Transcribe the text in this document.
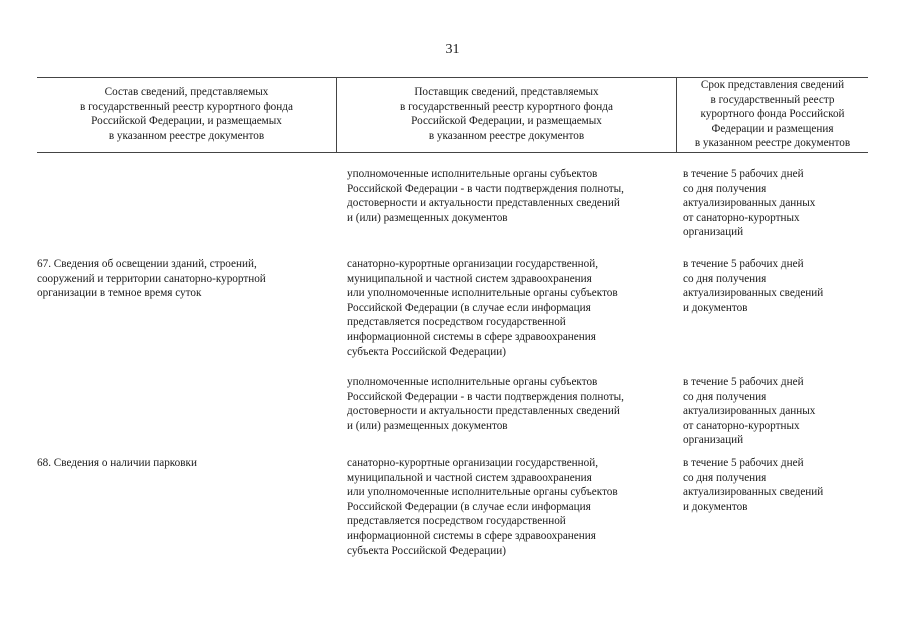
31

Состав сведений, представляемых
в государственный реестр курортного фонда
Российской Федерации, и размещаемых
в указанном реестре документов

Поставщик сведений, представляемых
в государственный реестр курортного фонда
Российской Федерации, и размещаемых
в указанном реестре документов

Срок представления сведений
в государственный реестр
курортного фонда Российской
Федерации и размещения
в указанном реестре документов

уполномоченные исполнительные органы субъектов
Российской Федерации - в части подтверждения полноты,
достоверности и актуальности представленных сведений
и (или) размещенных документов

в течение 5 рабочих дней
со дня получения
актуализированных данных
от санаторно-курортных
организаций

67. Сведения об освещении зданий, строений,
сооружений и территории санаторно-курортной
организации в темное время суток

санаторно-курортные организации государственной,
муниципальной и частной систем здравоохранения
или уполномоченные исполнительные органы субъектов
Российской Федерации (в случае если информация
представляется посредством государственной
информационной системы в сфере здравоохранения
субъекта Российской Федерации)

в течение 5 рабочих дней
со дня получения
актуализированных сведений
и документов

уполномоченные исполнительные органы субъектов
Российской Федерации - в части подтверждения полноты,
достоверности и актуальности представленных сведений
и (или) размещенных документов

в течение 5 рабочих дней
со дня получения
актуализированных данных
от санаторно-курортных
организаций

68. Сведения о наличии парковки	санаторно-курортные организации государственной,
муниципальной и частной систем здравоохранения
или уполномоченные исполнительные органы субъектов
Российской Федерации (в случае если информация
представляется посредством государственной
информационной системы в сфере здравоохранения
субъекта Российской Федерации)

в течение 5 рабочих дней
со дня получения
актуализированных сведений
и документов
